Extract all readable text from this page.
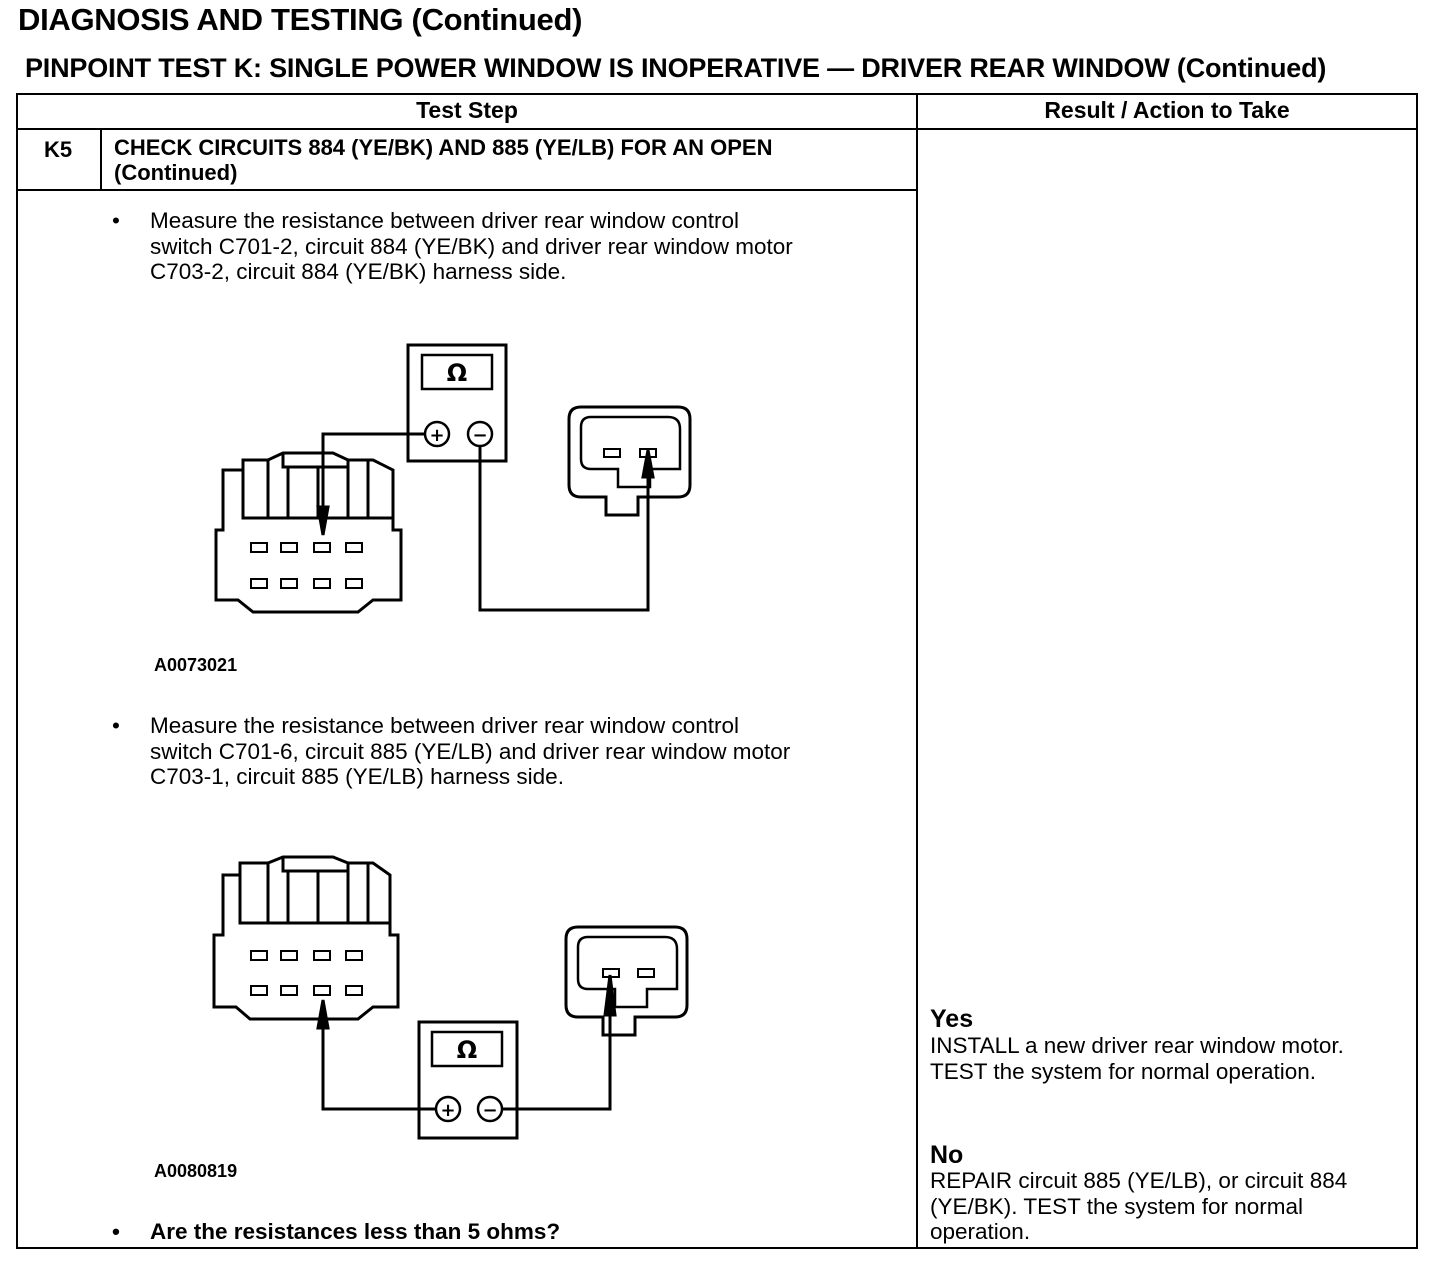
DIAGNOSIS AND TESTING (Continued)
PINPOINT TEST K: SINGLE POWER WINDOW IS INOPERATIVE — DRIVER REAR WINDOW (Continued)
Test Step	Result / Action to Take
K5 CHECK CIRCUITS 884 (YE/BK) AND 885 (YE/LB) FOR AN OPEN
(Continued)
• Measure the resistance between driver rear window control
switch C701-2, circuit 884 (YE/BK) and driver rear window motor
C703-2, circuit 884 (YE/BK) harness side.
Ω
+ −
Ω
+ −
A0073021
• Measure the resistance between driver rear window control
switch C701-6, circuit 885 (YE/LB) and driver rear window motor
C703-1, circuit 885 (YE/LB) harness side.
A0080819
• Are the resistances less than 5 ohms?
Yes
INSTALL a new driver rear window motor.
TEST the system for normal operation.
No
REPAIR circuit 885 (YE/LB), or circuit 884
(YE/BK). TEST the system for normal
operation.
